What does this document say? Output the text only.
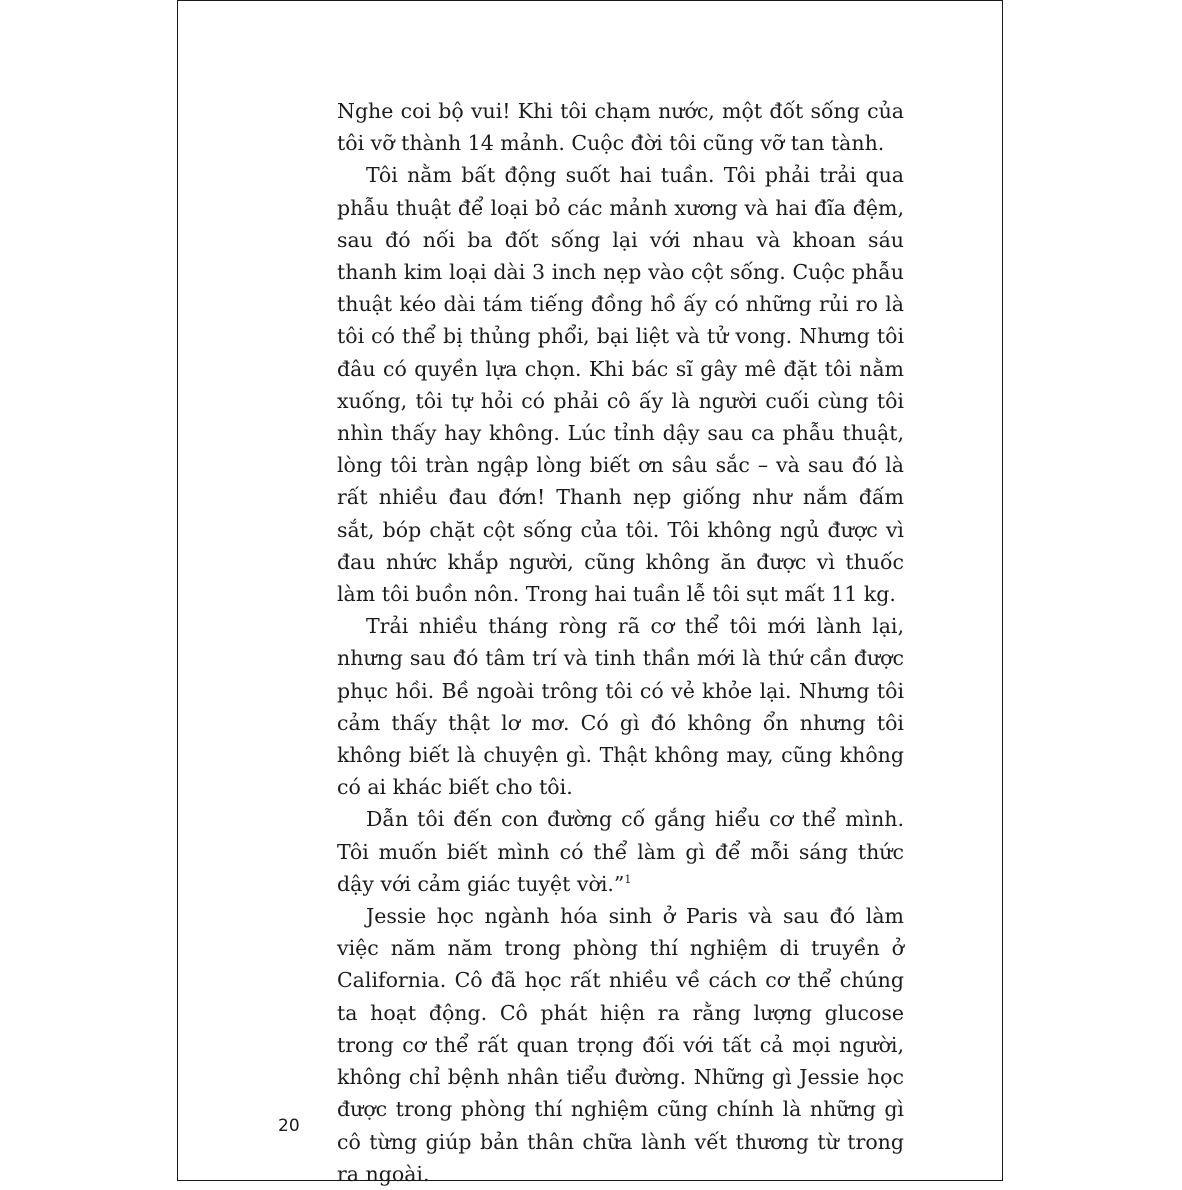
Nghe coi bộ vui! Khi tôi chạm nước, một đốt sống của tôi vỡ thành 14 mảnh. Cuộc đời tôi cũng vỡ tan tành.

Tôi nằm bất động suốt hai tuần. Tôi phải trải qua phẫu thuật để loại bỏ các mảnh xương và hai đĩa đệm, sau đó nối ba đốt sống lại với nhau và khoan sáu thanh kim loại dài 3 inch nẹp vào cột sống. Cuộc phẫu thuật kéo dài tám tiếng đồng hồ ấy có những rủi ro là tôi có thể bị thủng phổi, bại liệt và tử vong. Nhưng tôi đâu có quyền lựa chọn. Khi bác sĩ gây mê đặt tôi nằm xuống, tôi tự hỏi có phải cô ấy là người cuối cùng tôi nhìn thấy hay không. Lúc tỉnh dậy sau ca phẫu thuật, lòng tôi tràn ngập lòng biết ơn sâu sắc – và sau đó là rất nhiều đau đớn! Thanh nẹp giống như nắm đấm sắt, bóp chặt cột sống của tôi. Tôi không ngủ được vì đau nhức khắp người, cũng không ăn được vì thuốc làm tôi buồn nôn. Trong hai tuần lễ tôi sụt mất 11 kg.

Trải nhiều tháng ròng rã cơ thể tôi mới lành lại, nhưng sau đó tâm trí và tinh thần mới là thứ cần được phục hồi. Bề ngoài trông tôi có vẻ khỏe lại. Nhưng tôi cảm thấy thật lơ mơ. Có gì đó không ổn nhưng tôi không biết là chuyện gì. Thật không may, cũng không có ai khác biết cho tôi.

Dẫn tôi đến con đường cố gắng hiểu cơ thể mình. Tôi muốn biết mình có thể làm gì để mỗi sáng thức dậy với cảm giác tuyệt vời.”$^1$

Jessie học ngành hóa sinh ở Paris và sau đó làm việc năm năm trong phòng thí nghiệm di truyền ở California. Cô đã học rất nhiều về cách cơ thể chúng ta hoạt động. Cô phát hiện ra rằng lượng glucose trong cơ thể rất quan trọng đối với tất cả mọi người, không chỉ bệnh nhân tiểu đường. Những gì Jessie học được trong phòng thí nghiệm cũng chính là những gì cô từng giúp bản thân chữa lành vết thương từ trong ra ngoài.

20
